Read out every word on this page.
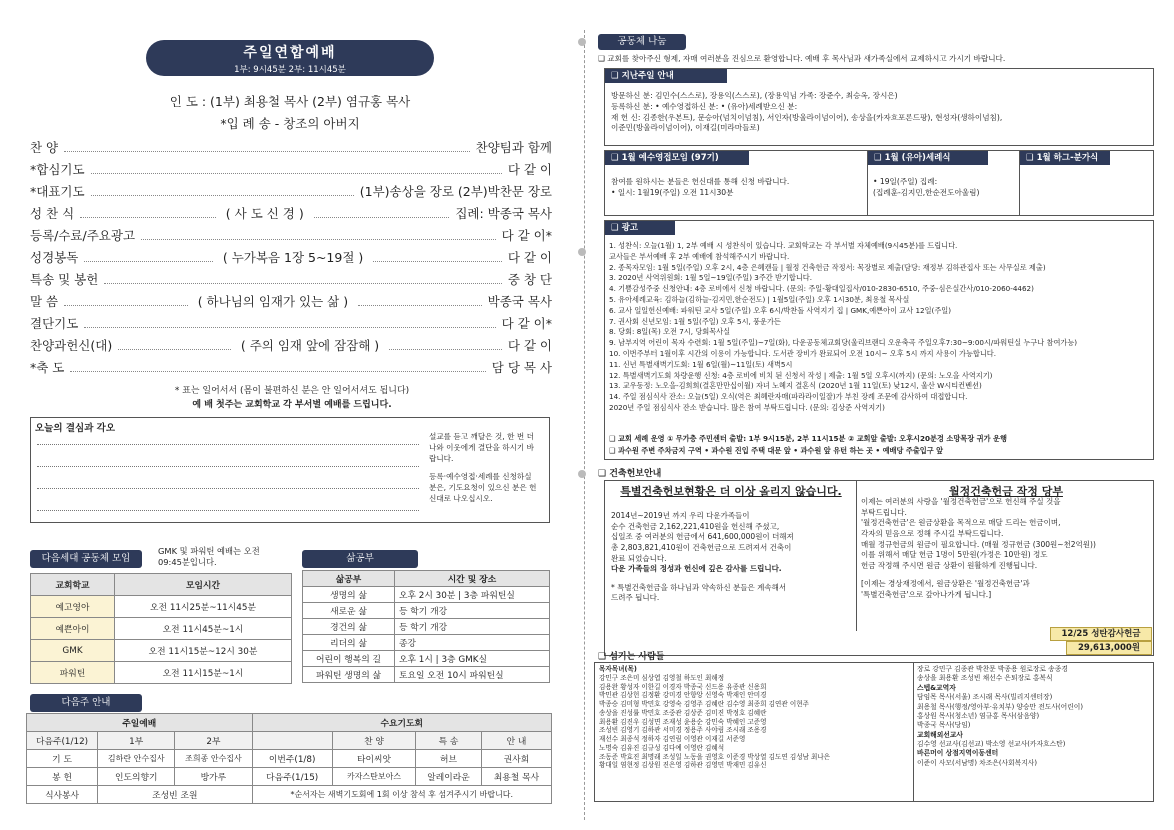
주일연합예배
1부: 9시45분 2부: 11시45분
인 도 : (1부) 최용철 목사 (2부) 염규홍 목사
*입 례 송 - 창조의 아버지
찬 양	찬양팀과 함께
*합심기도	다 같 이
*대표기도	(1부)송상을 장로 (2부)박찬문 장로
성 찬 식	( 사 도 신 경 )	집례: 박종국 목사
등록/수료/주요광고	다 같 이*
성경봉독	( 누가복음 1장 5~19절 )	다 같 이
특송 및 봉헌	중 창 단
말 씀	( 하나님의 임재가 있는 삶 )	박종국 목사
결단기도	다 같 이*
찬양과헌신(대)	( 주의 임재 앞에 잠잠해 )	다 같 이
*축 도	담 당 목 사
* 표는 일어서서 (몸이 불편하신 분은 안 일어서셔도 됩니다)
예 배 첫주는 교회학교 각 부서별 예배를 드립니다.
오늘의 결심과 각오
설교를 듣고 깨달은 것, 한 번 더 나와 이웃에게 결단을 하시기 바랍니다.
등록·예수영접·세례를 신청하실 분은, 기도요청이 있으신 분은 헌신대로 나오십시오.
다음세대 공동체 모임
GMK 및 파워틴 예배는 오전 09:45분입니다.
교회학교	모임시간
예고영아	오전 11시25분~11시45분
예쁜아이	오전 11시45분~1시
GMK	오전 11시15분~12시 30분
파워틴	오전 11시15분~1시
삶공부
삶공부	시간 및 장소
생명의 삶	오후 2시 30분 | 3층 파워틴실
새로운 삶	등 학기 개강
경건의 삶	등 학기 개강
리더의 삶	종강
어린이 행복의 길	오후 1시 | 3층 GMK실
파워틴 생명의 삶	토요일 오전 10시 파워틴실
다음주 안내
주일예배			수요기도회			
다음주(1/12)	1부	2부		찬 양	특 송	안 내
기 도	김하란 안수집사	조희종 안수집사	이번주(1/8)	타이씨앗	허브	권사회
봉 헌	인도의향기	방가루	다음주(1/15)	카자스탄보아스	알레이라운	최용철 목사
식사봉사	조성빈 조원		*순서자는 새벽기도회에 1회 이상 참석 후 섬겨주시기 바랍니다.			
공동체 나눔
❑ 교회를 찾아주신 형제, 자매 여러분을 진심으로 환영합니다. 예배 후 목사님과 새가족실에서 교제하시고 가시기 바랍니다.
❑ 지난주일 안내
방문하신 분: 김민수(스스로), 장용익(스스로), (장용익님 가족: 장준수, 최승옥, 장시은)
등록하신 분: • 예수영접하신 분: • (유아)세례받으신 분:
재 헌 신: 김종한(우본트), 문승아(넘치이넘침), 서인자(방울라이넘이어), 송상을(카자흐포론드팡), 현성자(생하이넘침),
이준민(방울라이넘이어), 이재길(미라마들로)
❑ 1월 예수영접모임 (97기)
참여를 원하시는 분들은 헌신대를 통해 신청 바랍니다.
• 일시: 1월19(주일) 오전 11시30분
❑ 1월 (유아)세례식
• 19일(주일) 집례:
(집례훈-김지민,한순전도아울림)
❑ 1월 하그-분가식
❑ 광고
1. 성찬식: 오늘(1월) 1, 2부 예배 시 성찬식이 있습니다. 교회학교는 각 부서별 자체예배(9시45분)를 드립니다.
교사들은 부서예배 후 2부 예배에 참석해주시기 바랍니다.
2. 종목자모임: 1월 5일(주일) 오후 2시, 4층 은혜캔들 | 월정 건축헌금 작정서: 목장별로 제출(담당: 재정부 김하관집사 또는 사무실로 제출)
3. 2020년 사역위원회: 1월 5일~19일(주일) 3주간 받기합니다.
4. 기쁨감성주중 신청안내: 4층 로비에서 신청 바랍니다. (문의: 주일-황대일집사/010-2830-6510, 주중-심은실간사/010-2060-4462)
5. 유아세례교육: 김하늘(김하늘-김지민,한순전도) | 1월5일(주일) 오후 1시30분, 최용철 목사실
6. 교사 일일헌신예배: 파워틴 교사 5일(주일) 오후 6시/박찬돌 사역지기 집 | GMK,예쁜아이 교사 12일(주일)
7. 권사회 신년모임: 1월 5일(주일) 오후 5시, 풍운가든
8. 당회: 8일(목) 오전 7시, 당회목사실
9. 남부지역 어린이 목자 수련회: 1월 5일(주일)~7일(화), 다운공동체교회당(울리브랜디 오운축곡 주일오후7:30~9:00시/파워틴실 누구나 참여가능)
10. 이번주부터 1월이후 시간의 이용이 가능합니다. 도서관 장비가 완료되어 오전 10시~ 오후 5시 까지 사용이 가능합니다.
11. 신년 특별새벽기도회: 1월 6일(월)~11일(토) 새벽5시
12. 특별새벽기도회 차량운행 신청: 4층 로비에 비치 된 신청서 작성 | 제출: 1월 5일 오후시(까지) (문의: 노오을 사역지기)
13. 교우동정: 노오을-김희희(결혼만만십이월) 자녀 노혜지 결혼식 (2020년 1월 11일(토) 낮12시, 울산 W시티컨벤션)
14. 주일 점심식사 잔소: 오늘(5일) 오식(역은 최혜란자매(파라라이일잘)가 부친 장례 조문에 감사하여 대접합니다.
2020년 주일 점심식사 잔소 받습니다. 많은 참여 부탁드립니다. (문의: 김상준 사역지기)
❑ 교회 세례 운영 ① 무가층 주민센터 출발: 1부 9시15분, 2부 11시15분 ② 교회앞 출발: 오후시20분경 소망목장 귀가 운행
❑ 과수원 주변 주차금지 구역 • 과수원 진입 주택 대문 앞 • 과수원 앞 유턴 하는 곳 • 예배당 주출입구 앞
❑ 건축헌보안내
특별건축헌보현황은 더 이상 올리지 않습니다.
2014년~2019년 까지 우리 다운가족들이
순수 건축헌금 2,162,221,410원을 헌신해 주셨고,
십일조 중 여러분의 헌금에서 641,600,000원이 더해져
총 2,803,821,410원이 건축헌금으로 드려져서 건축이
완료 되었습니다.
다운 가족들의 정성과 헌신에 깊은 감사를 드립니다.
* 특별건축헌금을 하나님과 약속하신 분들은 계속해서
드려주 됩니다.
월정건축헌금 작정 당부
이제는 여러분의 사랑을 '월정건축헌금'으로 헌신해 주실 것을
부탁드립니다.
'월정건축헌금'은 원금상환을 목적으로 매달 드리는 헌금이며,
각자의 믿음으로 정해 주시길 부탁드립니다.
매월 정규헌금의 원금이 필요합니다. (매월 정규헌금 (300원~천2억원))
이를 위해서 매달 헌금 1명이 5만원(가정은 10만원) 정도
헌금 작정해 주시면 원금 상환이 원활하게 진행됩니다.
[이제는 경상재정에서, 원금상환은 '월정건축헌금'과
'특별건축헌금'으로 갚아나가게 됩니다.]
12/25 성탄감사헌금
29,613,000원
❑ 섬기는 사람들
목자목녀(목)
강민구 조은미 심상엽 김영철 하도인 최해정
김용완 황성자 이한길 이경자 박종국 신드용 유종관 신용희
박민관 김상헌 김정환 강미경 안향앙 신영숙 박재인 안미경
박종승 김미형 박민호 강영숙 김영주 김혜란 김수영 최종희 김연관 이현주
송상을 진성률 박민호 조중관 김상준 김미진 박정호 김혜란
최용환 김진우 김성면 조재성 윤용순 강민숙 박혜인 고준영
조성빈 김영기 김하관 서미경 정용주 사야림 조시래 조용경
재선수 최종석 정하자 김연림 이영관 이재길 서준영
노명숙 김유진 김규성 김다예 이영란 김혜석
조동준 박효진 최명래 조성일 노동을 권영호 이준경 박상열 김도연 김성남 최나은
황대일 염현정 김상원 진은영 김하관 김영민 박재민 김유신
장로 강민구 김종관 박찬문 박종용 원로장로 송종경
송상을 최용환 조성빈 채선수 은퇴장로 홍복식
스텝&교역자
담임목 목사(서울) 조시래 목사(빌리지센터장)
최용철 목사(행정/영아부·유치부) 양승만 전도사(어린이)
홍상원 목사(청소년) 염규홍 목사(삼음양)
박종국 목사(당임)
교회해외선교사
김수영 선교사(김선교) 박소영 선교사(카자흐스탄)
바른머이 상점지역이동센터
이준이 사모(서남명) 차조은(사회복지사)
